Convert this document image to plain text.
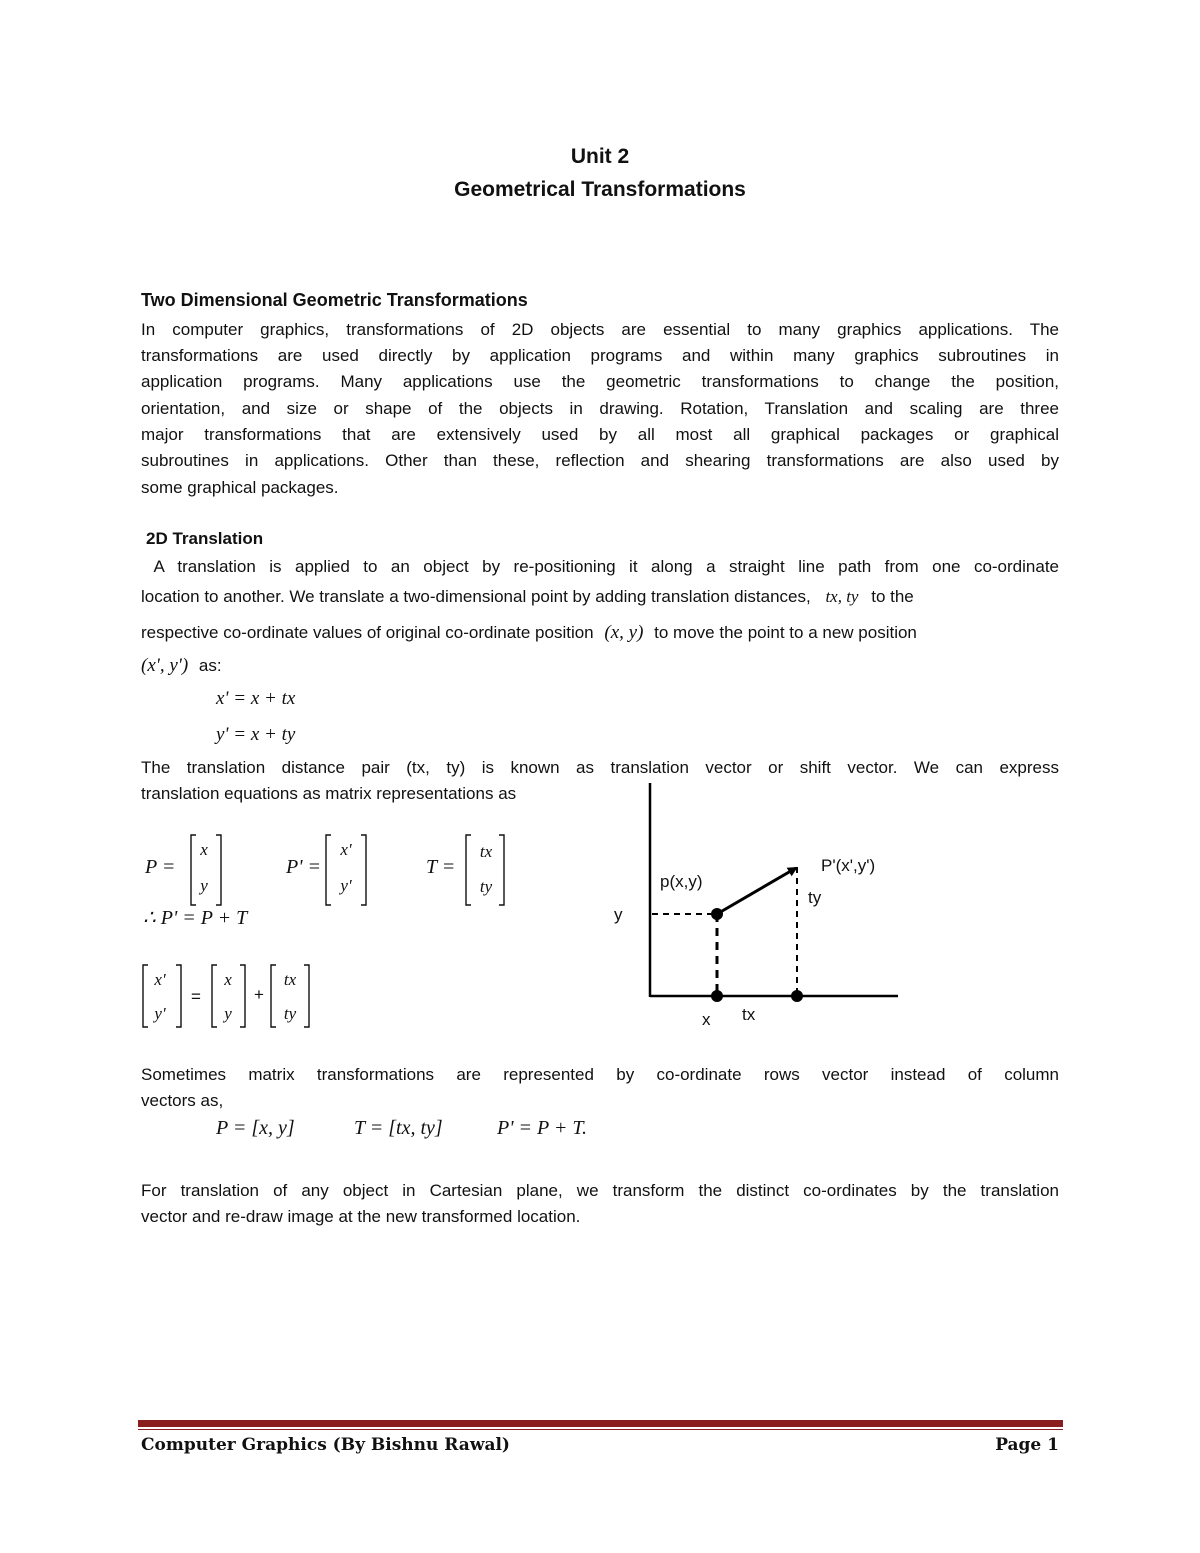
Unit 2
Geometrical Transformations
Two Dimensional Geometric Transformations
In computer graphics, transformations of 2D objects are essential to many graphics applications. The
transformations are used directly by application programs and within many graphics subroutines in
application programs. Many applications use the geometric transformations to change the position,
orientation, and size or shape of the objects in drawing. Rotation, Translation and scaling are three
major transformations that are extensively used by all most all graphical packages or graphical
subroutines in applications. Other than these, reflection and shearing transformations are also used by
some graphical packages.
2D Translation
A translation is applied to an object by re-positioning it along a straight line path from one co-ordinate
location to another. We translate a two-dimensional point by adding translation distances, tx, ty to the
respective co-ordinate values of original co-ordinate position (x, y) to move the point to a new position
(x', y') as:
x' = x + tx
y' = x + ty
The translation distance pair (tx, ty) is known as translation vector or shift vector. We can express
translation equations as matrix representations as
P =
x
y
P' =
x'
y'
T =
tx
ty
∴ P' = P + T
x'
y'
=
x
y
+
tx
ty
p(x,y)
P'(x',y')
ty
y
x tx
Sometimes matrix transformations are represented by co-ordinate rows vector instead of column
vectors as,
P = [x, y]	T = [tx, ty]	P' = P + T.
For translation of any object in Cartesian plane, we transform the distinct co-ordinates by the translation
vector and re-draw image at the new transformed location.
Computer Graphics (By Bishnu Rawal)	Page 1
